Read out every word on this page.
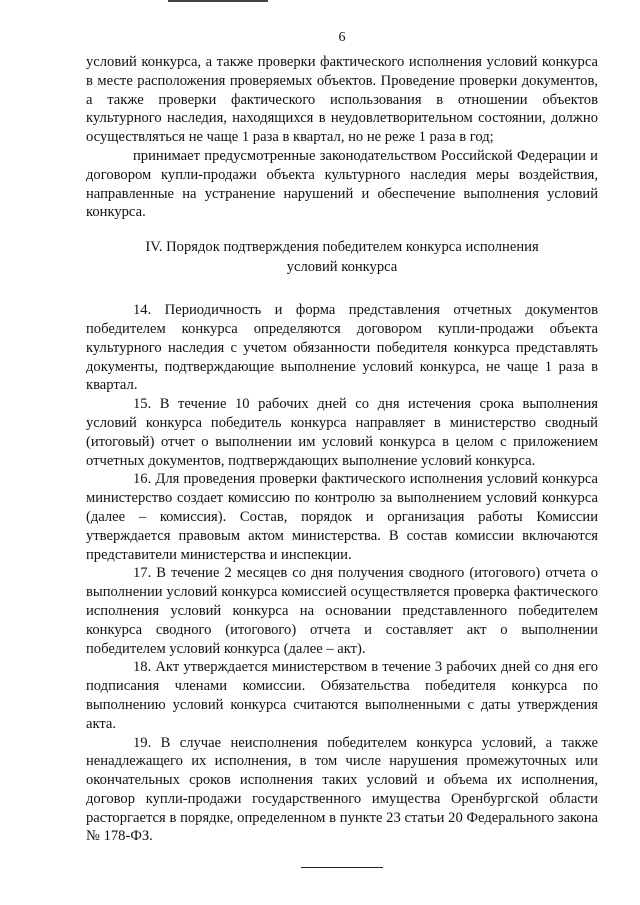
6

условий конкурса, а также проверки фактического исполнения условий конкурса в месте расположения проверяемых объектов. Проведение проверки документов, а также проверки фактического использования в отношении объектов культурного наследия, находящихся в неудовлетворительном состоянии, должно осуществляться не чаще 1 раза в квартал, но не реже 1 раза в год;

принимает предусмотренные законодательством Российской Федерации и договором купли-продажи объекта культурного наследия меры воздействия, направленные на устранение нарушений и обеспечение выполнения условий конкурса.

IV. Порядок подтверждения победителем конкурса исполнения
условий конкурса

14. Периодичность и форма представления отчетных документов победителем конкурса определяются договором купли-продажи объекта культурного наследия с учетом обязанности победителя конкурса представлять документы, подтверждающие выполнение условий конкурса, не чаще 1 раза в квартал.

15. В течение 10 рабочих дней со дня истечения срока выполнения условий конкурса победитель конкурса направляет в министерство сводный (итоговый) отчет о выполнении им условий конкурса в целом с приложением отчетных документов, подтверждающих выполнение условий конкурса.

16. Для проведения проверки фактического исполнения условий конкурса министерство создает комиссию по контролю за выполнением условий конкурса (далее – комиссия). Состав, порядок и организация работы Комиссии утверждается правовым актом министерства. В состав комиссии включаются представители министерства и инспекции.

17. В течение 2 месяцев со дня получения сводного (итогового) отчета о выполнении условий конкурса комиссией осуществляется проверка фактического исполнения условий конкурса на основании представленного победителем конкурса сводного (итогового) отчета и составляет акт о выполнении победителем условий конкурса (далее – акт).

18. Акт утверждается министерством в течение 3 рабочих дней со дня его подписания членами комиссии. Обязательства победителя конкурса по выполнению условий конкурса считаются выполненными с даты утверждения акта.

19. В случае неисполнения победителем конкурса условий, а также ненадлежащего их исполнения, в том числе нарушения промежуточных или окончательных сроков исполнения таких условий и объема их исполнения, договор купли-продажи государственного имущества Оренбургской области расторгается в порядке, определенном в пункте 23 статьи 20 Федерального закона № 178-ФЗ.
